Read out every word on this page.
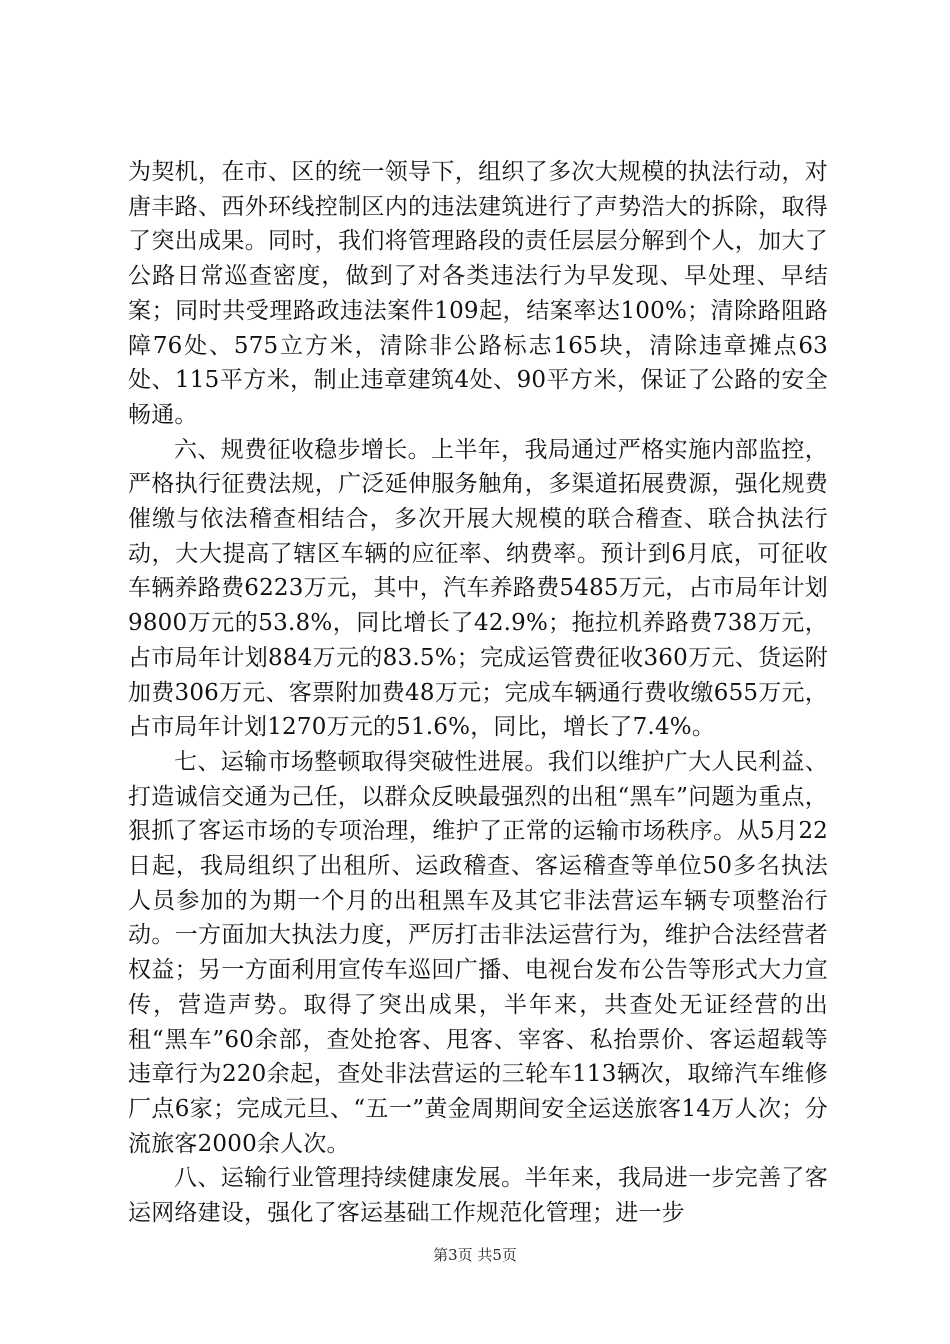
为契机，在市、区的统一领导下，组织了多次大规模的执法行动，对唐丰路、西外环线控制区内的违法建筑进行了声势浩大的拆除，取得了突出成果。同时，我们将管理路段的责任层层分解到个人，加大了公路日常巡查密度，做到了对各类违法行为早发现、早处理、早结案；同时共受理路政违法案件109起，结案率达100%；清除路阻路障76处、575立方米，清除非公路标志165块，清除违章摊点63处、115平方米，制止违章建筑4处、90平方米，保证了公路的安全畅通。

六、规费征收稳步增长。上半年，我局通过严格实施内部监控，严格执行征费法规，广泛延伸服务触角，多渠道拓展费源，强化规费催缴与依法稽查相结合，多次开展大规模的联合稽查、联合执法行动，大大提高了辖区车辆的应征率、纳费率。预计到6月底，可征收车辆养路费6223万元，其中，汽车养路费5485万元，占市局年计划9800万元的53.8%，同比增长了42.9%；拖拉机养路费738万元，占市局年计划884万元的83.5%；完成运管费征收360万元、货运附加费306万元、客票附加费48万元；完成车辆通行费收缴655万元，占市局年计划1270万元的51.6%，同比，增长了7.4%。

七、运输市场整顿取得突破性进展。我们以维护广大人民利益、打造诚信交通为己任，以群众反映最强烈的出租“黑车”问题为重点，狠抓了客运市场的专项治理，维护了正常的运输市场秩序。从5月22日起，我局组织了出租所、运政稽查、客运稽查等单位50多名执法人员参加的为期一个月的出租黑车及其它非法营运车辆专项整治行动。一方面加大执法力度，严厉打击非法运营行为，维护合法经营者权益；另一方面利用宣传车巡回广播、电视台发布公告等形式大力宣传，营造声势。取得了突出成果，半年来，共查处无证经营的出租“黑车”60余部，查处抢客、甩客、宰客、私抬票价、客运超载等违章行为220余起，查处非法营运的三轮车113辆次，取缔汽车维修厂点6家；完成元旦、“五一”黄金周期间安全运送旅客14万人次；分流旅客2000余人次。

八、运输行业管理持续健康发展。半年来，我局进一步完善了客运网络建设，强化了客运基础工作规范化管理；进一步

第3页 共5页
